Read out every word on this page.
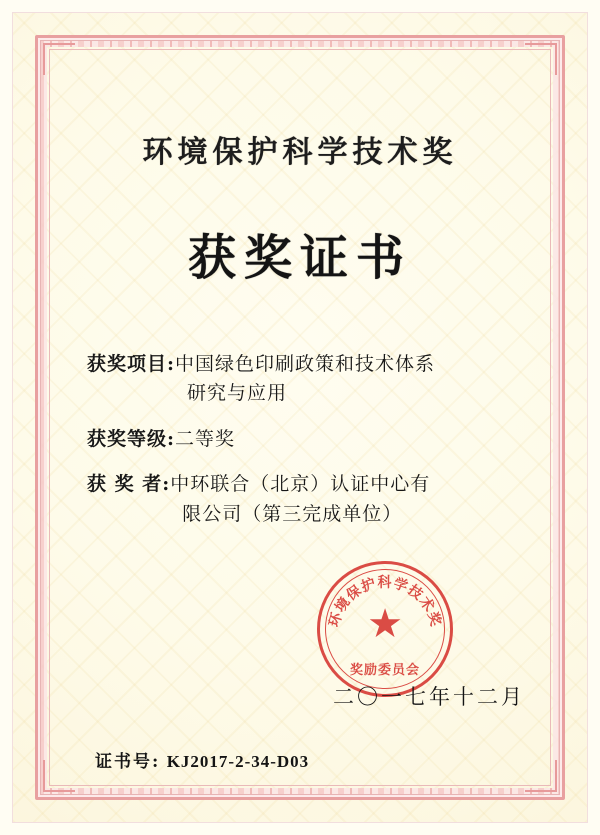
环境保护科学技术奖
获奖证书
获奖项目: 中国绿色印刷政策和技术体系
研究与应用
获奖等级: 二等奖
获 奖 者: 中环联合（北京）认证中心有
限公司（第三完成单位）
环境保护科学技术奖
★
奖励委员会
二〇一七年十二月
证书号: KJ2017-2-34-D03
